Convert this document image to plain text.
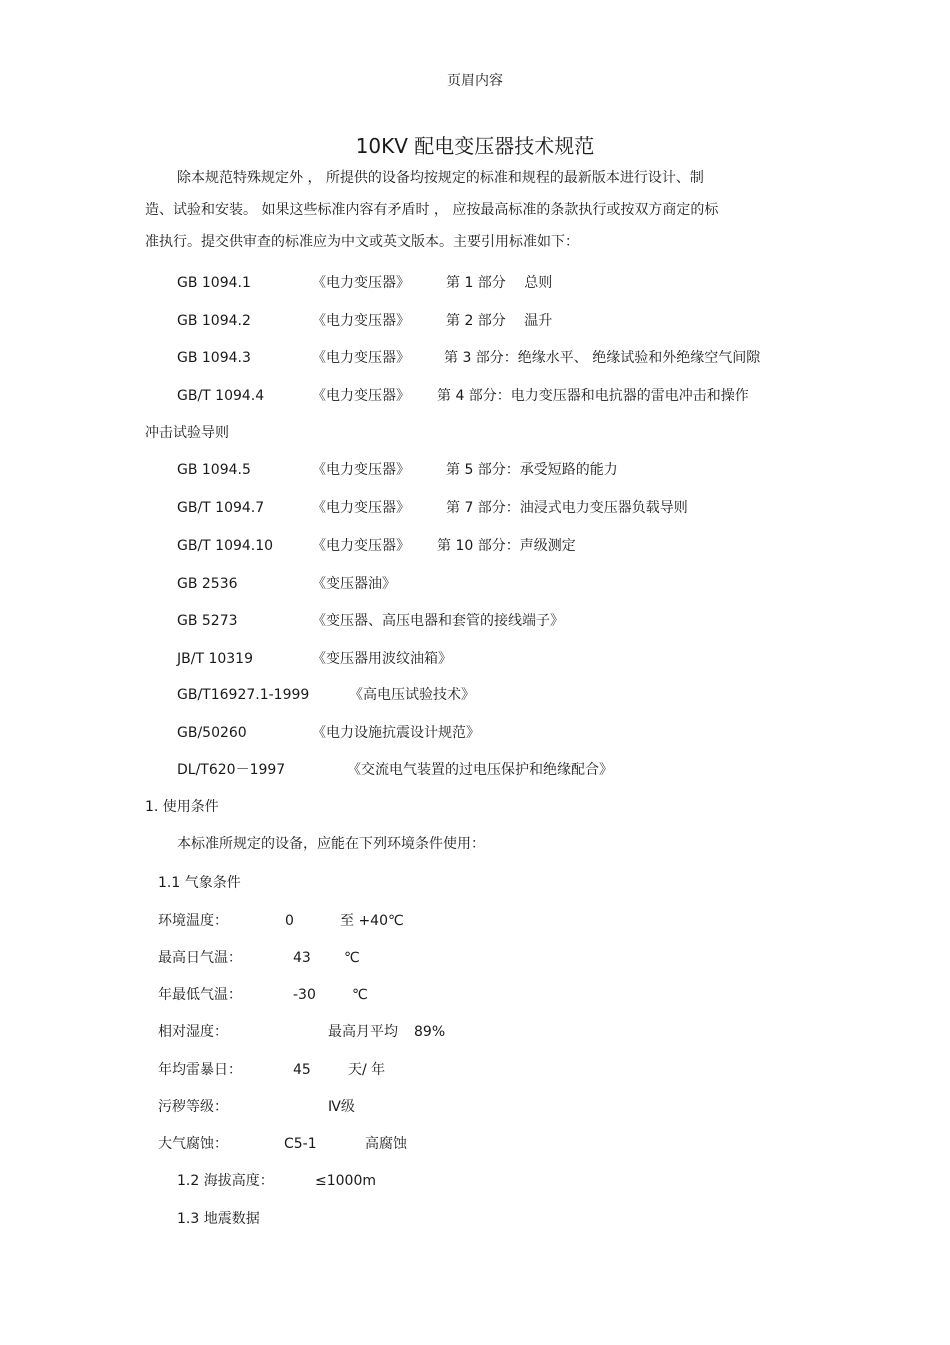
页眉内容
10KV 配电变压器技术规范
除本规范特殊规定外 ， 所提供的设备均按规定的标准和规程的最新版本进行设计、制
造、试验和安装。 如果这些标准内容有矛盾时 ， 应按最高标准的条款执行或按双方商定的标
准执行。提交供审查的标准应为中文或英文版本。主要引用标准如下：
GB 1094.1	《电力变压器》	第 1 部分　 总则
GB 1094.2	《电力变压器》	第 2 部分　 温升
GB 1094.3	《电力变压器》 第 3 部分：绝缘水平、 绝缘试验和外绝缘空气间隙
GB/T 1094.4	《电力变压器》 第 4 部分：电力变压器和电抗器的雷电冲击和操作
冲击试验导则
GB 1094.5	《电力变压器》	第 5 部分：承受短路的能力
GB/T 1094.7	《电力变压器》	第 7 部分：油浸式电力变压器负载导则
GB/T 1094.10	《电力变压器》 第 10 部分：声级测定
GB 2536	《变压器油》
GB 5273	《变压器、高压电器和套管的接线端子》
JB/T 10319	《变压器用波纹油箱》
GB/T16927.1-1999	《高电压试验技术》
GB/50260	《电力设施抗震设计规范》
DL/T620－1997	《交流电气装置的过电压保护和绝缘配合》
1. 使用条件
本标准所规定的设备，应能在下列环境条件使用：
1.1 气象条件
环境温度：	0	至 +40℃
最高日气温：	43 ℃
年最低气温：	-30	℃
相对湿度：	最高月平均 89%
年均雷暴日：	45	天/ 年
污秽等级：	Ⅳ级
大气腐蚀：	C5-1	高腐蚀
1.2 海拔高度：	≤1000m
1.3 地震数据
